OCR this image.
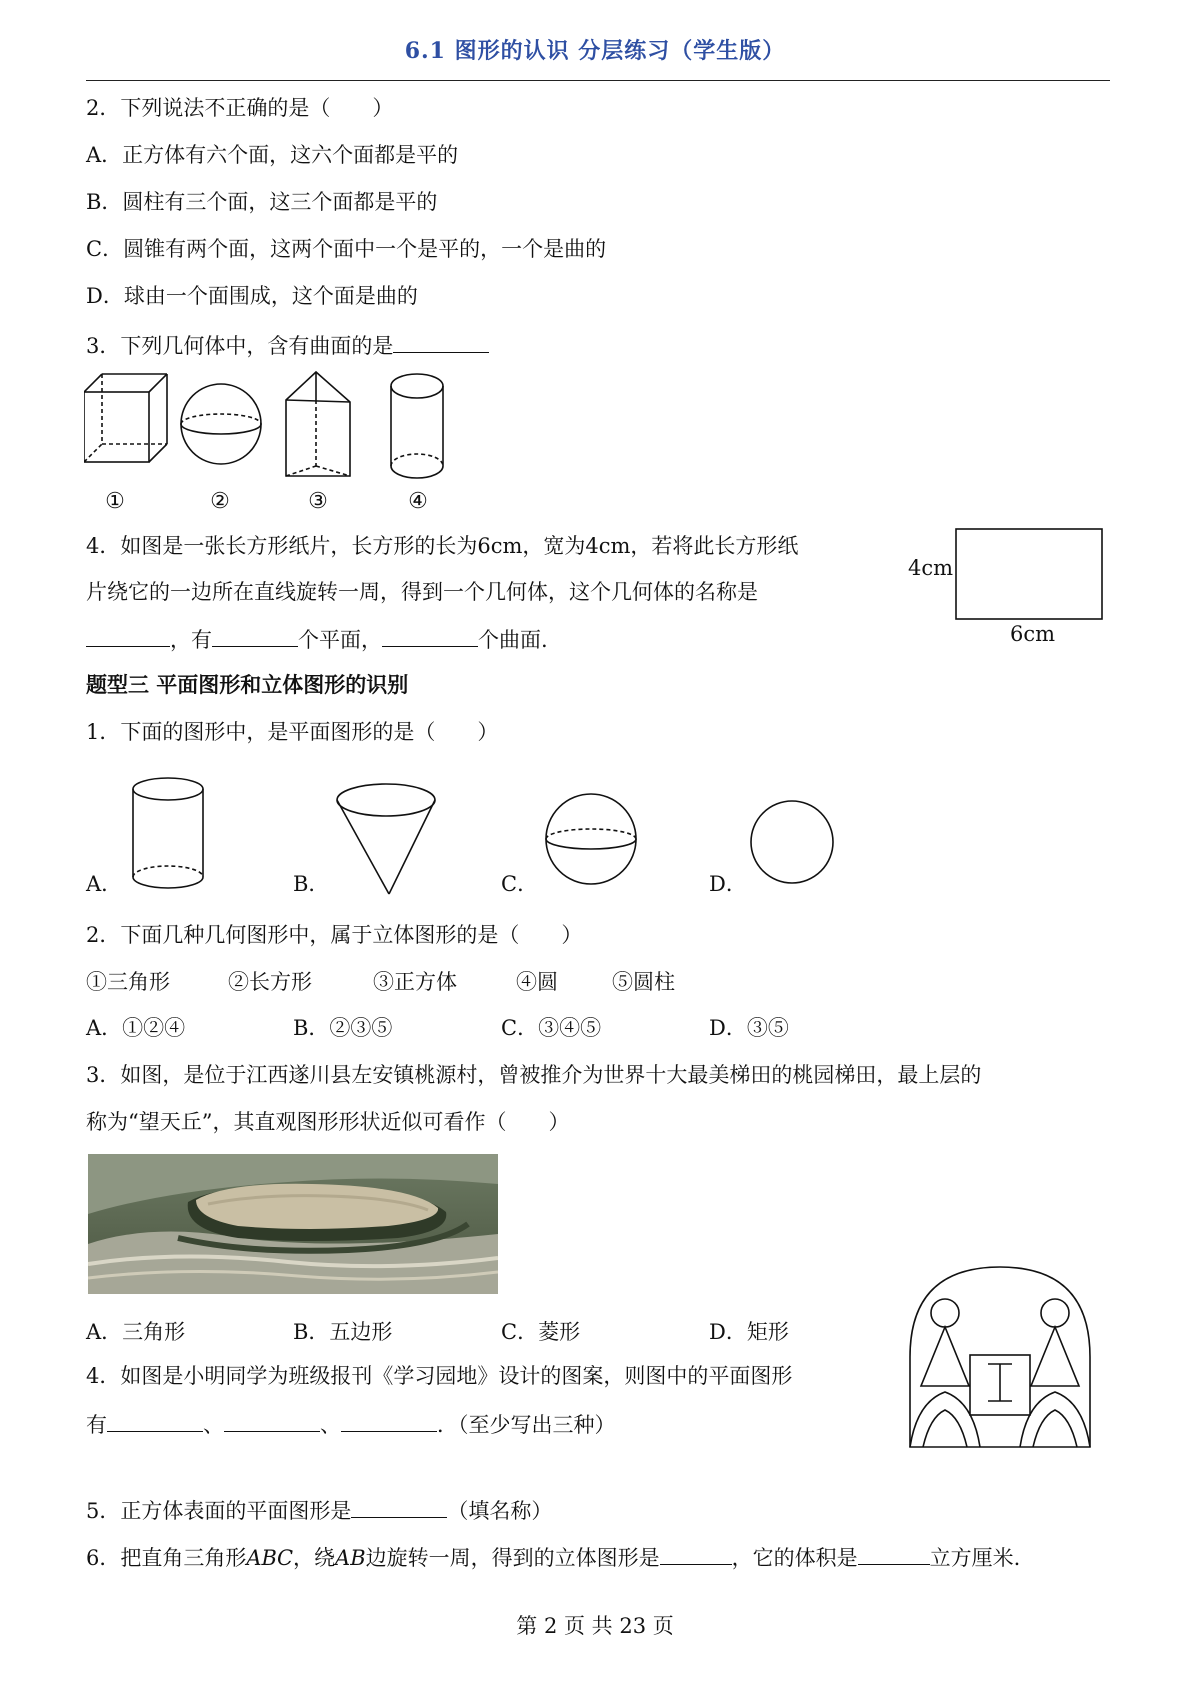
6.1 图形的认识 分层练习（学生版）
2．下列说法不正确的是（　　）
A．正方体有六个面，这六个面都是平的
B．圆柱有三个面，这三个面都是平的
C．圆锥有两个面，这两个面中一个是平的，一个是曲的
D．球由一个面围成，这个面是曲的
3．下列几何体中，含有曲面的是
①	②	③	④
4．如图是一张长方形纸片，长方形的长为6cm，宽为4cm，若将此长方形纸
片绕它的一边所在直线旋转一周，得到一个几何体，这个几何体的名称是
，有	个平面，	个曲面.
4cm
6cm
题型三 平面图形和立体图形的识别
1．下面的图形中，是平面图形的是（　　）
A．	B．	C．	D．
2．下面几种几何图形中，属于立体图形的是（　　）
①三角形	②长方形	③正方体	④圆	⑤圆柱
A．①②④	B．②③⑤	C．③④⑤	D．③⑤
3．如图，是位于江西遂川县左安镇桃源村，曾被推介为世界十大最美梯田的桃园梯田，最上层的
称为“望天丘”，其直观图形形状近似可看作（　　）
A．三角形	B．五边形	C．菱形	D．矩形
4．如图是小明同学为班级报刊《学习园地》设计的图案，则图中的平面图形
有	、	、	．（至少写出三种）
5．正方体表面的平面图形是	（填名称）
6．把直角三角形𝐴𝐵𝐶，绕𝐴𝐵边旋转一周，得到的立体图形是	，它的体积是	立方厘米.
第 2 页 共 23 页
